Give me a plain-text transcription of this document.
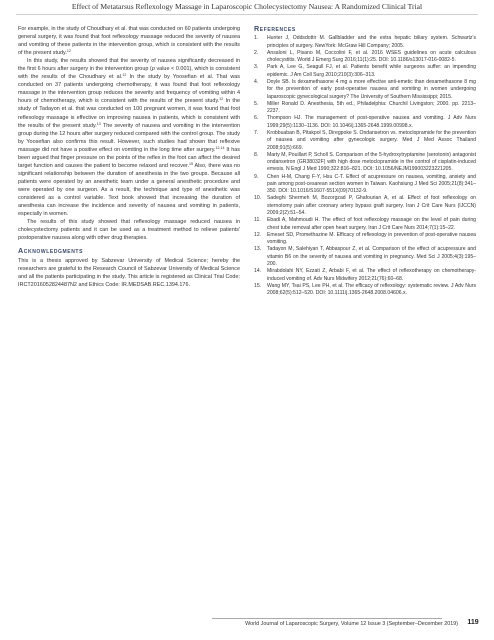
Effect of Metatarsus Reflexology Massage in Laparoscopic Cholecystectomy Nausea: A Randomized Clinical Trial

For example, in the study of Choudhary et al. that was conducted on 60 patients undergoing general surgery, it was found that foot reflexology massage reduced the severity of nausea and vomiting of these patients in the intervention group, which is consistent with the results of the present study.$^{12}$

In this study, the results showed that the severity of nausea significantly decreased in the first 6 hours after surgery in the intervention group (p value < 0.001), which is consistent with the results of the Choudhary et al.$^{12}$ In the study by Yoosefian et al. That was conducted on 37 patients undergoing chemotherapy, it was found that foot reflexology massage in the intervention group reduces the severity and frequency of vomiting within 4 hours of chemotherapy, which is consistent with the results of the present study.$^{12}$ In the study of Tadayon et al. that was conducted on 100 pregnant women, it was found that foot reflexology massage is effective on improving nausea in patients, which is consistent with the results of the present study.$^{13}$ The severity of nausea and vomiting in the intervention group during the 12 hours after surgery reduced compared with the control group. The study by Yoosefian also confirms this result. However, such studies had shown that reflexive massage did not have a positive effect on vomiting in the long time after surgery.$^{12,14}$ It has been argued that finger pressure on the points of the reflex in the foot can affect the desired target function and causes the patient to become relaxed and recover.$^{15}$ Also, there was no significant relationship between the duration of anesthesia in the two groups. Because all patients were operated by an anesthetic team under a general anesthetic procedure and were operated by one surgeon. As a result, the technique and type of anesthetic was considered as a control variable. Text book showed that increasing the duration of anesthesia can increase the incidence and severity of nausea and vomiting in patients, especially in women.

The results of this study showed that reflexology massage reduced nausea in cholecystectomy patients and it can be used as a treatment method to relieve patients' postoperative nausea along with other drug therapies.

Acknowledgments

This is a thesis approved by Sabzevar University of Medical Science; hereby the researchers are grateful to the Research Council of Sabzevar University of Medical Science and all the patients participating in the study. This article is registered as Clinical Trial Code: IRCT2016052824487N2 and Ethics Code: IR.MEDSAB.REC.1394.176.

References
1.	Hunter J, Oddsdottir M. Gallbladder and the extra hepatic biliary system. Schwartz's principles of surgery. NewYork: McGraw Hill Company; 2005.
2.	Ansaloni L, Pisano M, Coccolini F, et al. 2016 WSES guidelines on acute calculous cholecystitis. World J Emerg Surg 2016;11(1):25. DOI: 10.1186/s13017-016-0082-5.
3.	Park A, Lee G, Seagull FJ, et al. Patients benefit while surgeons suffer: an impending epidemic. J Am Coll Surg 2010;210(3):306–313.
4.	Doyle SB. Is dexamethasone 4 mg a more effective anti-emetic than dexamethasone 8 mg for the prevention of early post-operative nausea and vomiting in women undergoing laparoscopic gynecological surgery? The University of Southern Mississippi; 2015.
5.	Miller Ronald D. Anesthesia, 5th ed., Philadelphia: Churchil Livingston; 2000. pp. 2213–2237.
6.	Thompson HJ. The management of post-operative nausea and vomiting. J Adv Nurs 1999;29(5):1130–1136. DOI: 10.1046/j.1365-2648.1999.00998.x.
7.	Krobbuaban B, Pitakpol S, Diregpoke S. Ondansetron vs. metoclopramide for the prevention of nausea and vomiting after gynecologic surgery. Med J Med Assoc Thailand 2008;91(5):669.
8.	Marty M, Pouillart P, Scholl S. Comparison of the 5-hydroxytryptamine (serotonin) antagonist ondansetron (GR38032F) with high dose metoclopramide in the control of cisplatin-induced emesis. N Engl J Med 1990;322:816–821. DOI: 10.1056/NEJM199003223221205.
9.	Chen H-M, Chang F-Y, Hsu C-T. Effect of acupressure on nausea, vomiting, anxiety and pain among post-cesarean section women in Taiwan. Kaohsiung J Med Sci 2005;21(8):341–350. DOI: 10.1016/S1607-551X(09)70132-9.
10.	Sadeghi Shermeh M, Bozorgzad P, Ghafourian A, et al. Effect of foot reflexology on sternotomy pain after coronary artery bypass graft surgery. Iran J Crit Care Nurs (IJCCN) 2009;2(2):51–54.
11.	Ebadi A, Mahmoudi H. The effect of foot reflexology massage on the level of pain during chest tube removal after open heart surgery. Iran J Crit Care Nurs 2014;7(1):15–22.
12.	Emeset SD, Promethazine M. Efficacy of reflexology in prevention of post-operative nausea vomiting.
13.	Tadayon M, Salehiyan T, Abbaspour Z, et al. Comparison of the effect of acupressure and vitamin B6 on the severity of nausea and vomiting in pregnancy. Med Sci J 2005;4(3):195–200.
14.	Mirabdolahi NY, Ezzati Z, Arbabi F, et al. The effect of reflexotherapy on chemotherapy-induced vomiting of. Adv Nurs Midwifery 2012;21(76):60–68.
15.	Wang MY, Tsai PS, Lee PH, et al. The efficacy of reflexology: systematic review. J Adv Nurs 2008;62(5):512–520. DOI: 10.1111/j.1365-2648.2008.04606.x.
World Journal of Laparoscopic Surgery, Volume 12 Issue 3 (September–December 2019)	119
